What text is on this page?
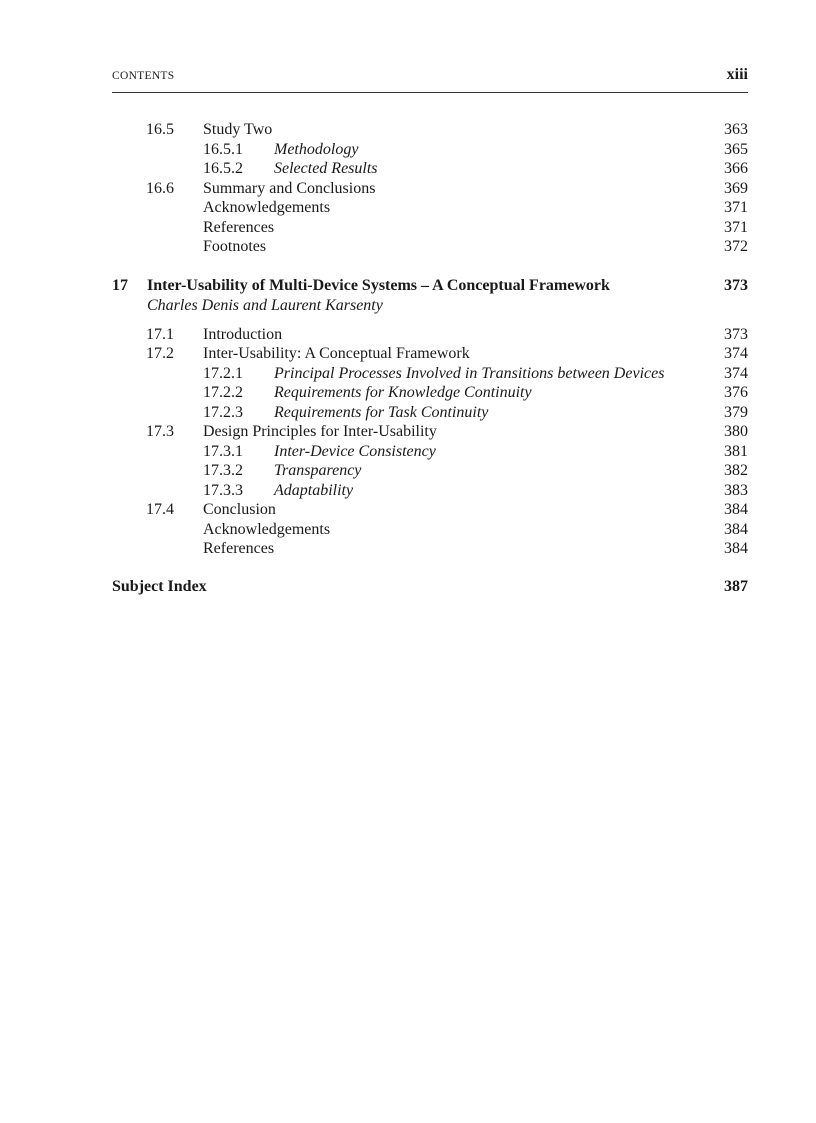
CONTENTS	xiii
16.5 Study Two	363
16.5.1 Methodology	365
16.5.2 Selected Results	366
16.6 Summary and Conclusions	369
Acknowledgements	371
References	371
Footnotes	372
17 Inter-Usability of Multi-Device Systems – A Conceptual Framework	373
Charles Denis and Laurent Karsenty
17.1 Introduction	373
17.2 Inter-Usability: A Conceptual Framework	374
17.2.1 Principal Processes Involved in Transitions between Devices	374
17.2.2 Requirements for Knowledge Continuity	376
17.2.3 Requirements for Task Continuity	379
17.3 Design Principles for Inter-Usability	380
17.3.1 Inter-Device Consistency	381
17.3.2 Transparency	382
17.3.3 Adaptability	383
17.4 Conclusion	384
Acknowledgements	384
References	384
Subject Index	387
